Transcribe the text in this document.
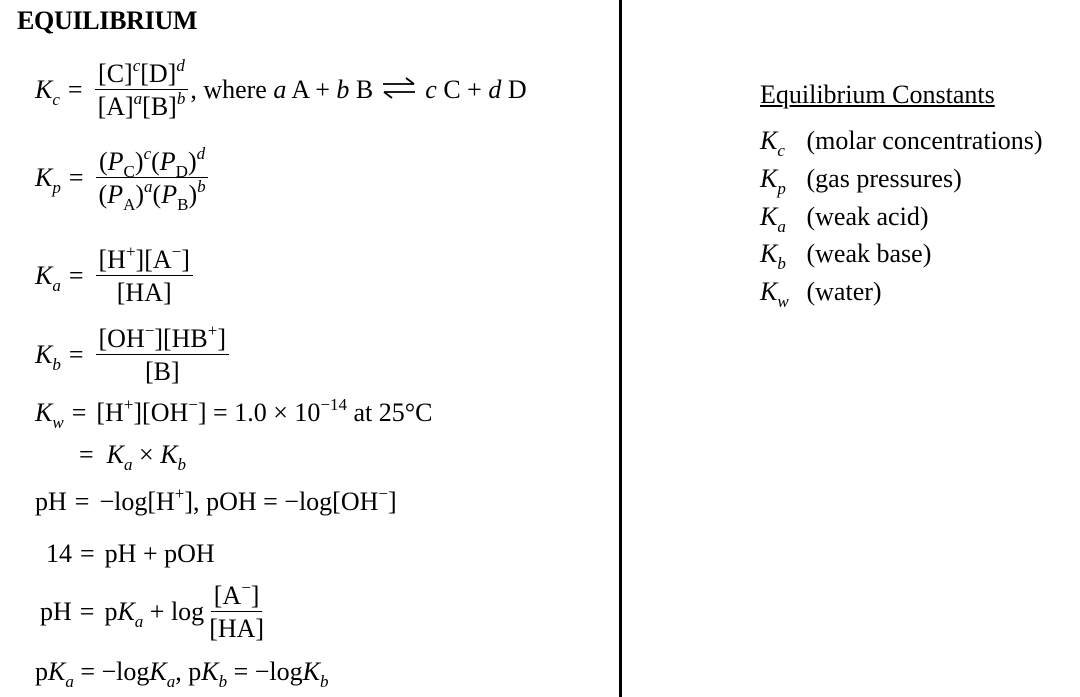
EQUILIBRIUM
$K_c = \frac{[C]^c[D]^d}{[A]^a[B]^b}$ , where a A + b B ⇌ c C + d D
$K_p = \frac{(P_C)^c(P_D)^d}{(P_A)^a(P_B)^b}$
$K_a = \frac{[H^+][A^-]}{[HA]}$
$K_b = \frac{[OH^-][HB^+]}{[B]}$
$K_w = [H^+][OH^-] = 1.0 \times 10^{-14}$ at 25°C
=  $K_a \times K_b$
pH = −log[H+], pOH = −log[OH−]
14 = pH + pOH
pH = $pK_a + \log \frac{[A^-]}{[HA]}$
$pK_a = -\log K_a$, $pK_b = -\log K_b$
Equilibrium Constants
$K_c$ (molar concentrations)
$K_p$ (gas pressures)
$K_a$ (weak acid)
$K_b$ (weak base)
$K_w$ (water)
